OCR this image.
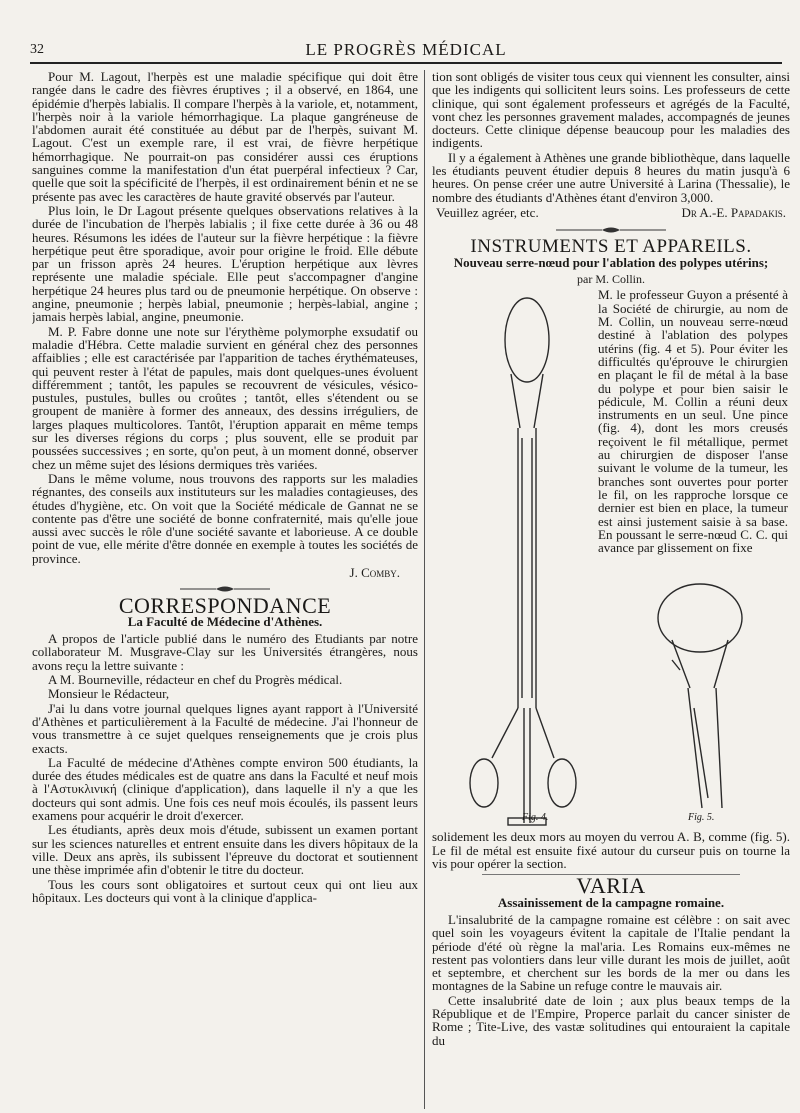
32	LE PROGRÈS MÉDICAL

Pour M. Lagout, l'herpès est une maladie spécifique qui doit être rangée dans le cadre des fièvres éruptives ; il a observé, en 1864, une épidémie d'herpès labialis. Il compare l'herpès à la variole, et, notamment, l'herpès noir à la variole hémorrhagique. La plaque gangréneuse de l'abdomen aurait été constituée au début par de l'herpès, suivant M. Lagout. C'est un exemple rare, il est vrai, de fièvre herpétique hémorrhagique. Ne pourrait-on pas considérer aussi ces éruptions sanguines comme la manifestation d'un état puerpéral infectieux ? Car, quelle que soit la spécificité de l'herpès, il est ordinairement bénin et ne se présente pas avec les caractères de haute gravité observés par l'auteur.

Plus loin, le Dr Lagout présente quelques observations relatives à la durée de l'incubation de l'herpès labialis ; il fixe cette durée à 36 ou 48 heures. Résumons les idées de l'auteur sur la fièvre herpétique : la fièvre herpétique peut être sporadique, avoir pour origine le froid. Elle débute par un frisson après 24 heures. L'éruption herpétique aux lèvres représente une maladie spéciale. Elle peut s'accompagner d'angine herpétique 24 heures plus tard ou de pneumonie herpétique. On observe : angine, pneumonie ; herpès labial, pneumonie ; herpès-labial, angine ; jamais herpès labial, angine, pneumonie.

M. P. Fabre donne une note sur l'érythème polymorphe exsudatif ou maladie d'Hébra. Cette maladie survient en général chez des personnes affaiblies ; elle est caractérisée par l'apparition de taches érythémateuses, qui peuvent rester à l'état de papules, mais dont quelques-unes évoluent différemment ; tantôt, les papules se recouvrent de vésicules, vésico-pustules, pustules, bulles ou croûtes ; tantôt, elles s'étendent ou se groupent de manière à former des anneaux, des dessins irréguliers, de larges plaques multicolores. Tantôt, l'éruption apparait en même temps sur les diverses régions du corps ; plus souvent, elle se produit par poussées successives ; en sorte, qu'on peut, à un moment donné, observer chez un même sujet des lésions dermiques très variées.

Dans le même volume, nous trouvons des rapports sur les maladies régnantes, des conseils aux instituteurs sur les maladies contagieuses, des études d'hygiène, etc. On voit que la Société médicale de Gannat ne se contente pas d'être une société de bonne confraternité, mais qu'elle joue aussi avec succès le rôle d'une société savante et laborieuse. A ce double point de vue, elle mérite d'être donnée en exemple à toutes les sociétés de province.

J. Comby.
CORRESPONDANCE
La Faculté de Médecine d'Athènes.

A propos de l'article publié dans le numéro des Etudiants par notre collaborateur M. Musgrave-Clay sur les Universités étrangères, nous avons reçu la lettre suivante :

A M. Bourneville, rédacteur en chef du Progrès médical.

Monsieur le Rédacteur,

J'ai lu dans votre journal quelques lignes ayant rapport à l'Université d'Athènes et particulièrement à la Faculté de médecine. J'ai l'honneur de vous transmettre à ce sujet quelques renseignements que je crois plus exacts.

La Faculté de médecine d'Athènes compte environ 500 étudiants, la durée des études médicales est de quatre ans dans la Faculté et neuf mois à l'Αστυκλινική (clinique d'application), dans laquelle il n'y a que les docteurs qui sont admis. Une fois ces neuf mois écoulés, ils passent leurs examens pour acquérir le droit d'exercer.

Les étudiants, après deux mois d'étude, subissent un examen portant sur les sciences naturelles et entrent ensuite dans les divers hôpitaux de la ville. Deux ans après, ils subissent l'épreuve du doctorat et soutiennent une thèse imprimée afin d'obtenir le titre du docteur.

Tous les cours sont obligatoires et surtout ceux qui ont lieu aux hôpitaux. Les docteurs qui vont à la clinique d'applica-

tion sont obligés de visiter tous ceux qui viennent les consulter, ainsi que les indigents qui sollicitent leurs soins. Les professeurs de cette clinique, qui sont également professeurs et agrégés de la Faculté, vont chez les personnes gravement malades, accompagnés de jeunes docteurs. Cette clinique dépense beaucoup pour les maladies des indigents.

Il y a également à Athènes une grande bibliothèque, dans laquelle les étudiants peuvent étudier depuis 8 heures du matin jusqu'à 6 heures. On pense créer une autre Université à Larina (Thessalie), le nombre des étudiants d'Athènes étant d'environ 3,000.

Veuillez agréer, etc.	Dr A.-E. Papadakis.
INSTRUMENTS ET APPAREILS.
Nouveau serre-nœud pour l'ablation des polypes utérins;
par M. Collin.
M. le professeur Guyon a présenté à la Société de chirurgie, au nom de M. Collin, un nouveau serre-nœud destiné à l'ablation des polypes utérins (fig. 4 et 5). Pour éviter les difficultés qu'éprouve le chirurgien en plaçant le fil de métal à la base du polype et pour bien saisir le pédicule, M. Collin a réuni deux instruments en un seul. Une pince (fig. 4), dont les mors creusés reçoivent le fil métallique, permet au chirurgien de disposer l'anse suivant le volume de la tumeur, les branches sont ouvertes pour porter le fil, on les rapproche lorsque ce dernier est bien en place, la tumeur est ainsi justement saisie à sa base. En poussant le serre-nœud C. C. qui avance par glissement on fixe
Fig. 4.	Fig. 5.

solidement les deux mors au moyen du verrou A. B, comme (fig. 5). Le fil de métal est ensuite fixé autour du curseur puis on tourne la vis pour opérer la section.

VARIA
Assainissement de la campagne romaine.

L'insalubrité de la campagne romaine est célèbre : on sait avec quel soin les voyageurs évitent la capitale de l'Italie pendant la période d'été où règne la mal'aria. Les Romains eux-mêmes ne restent pas volontiers dans leur ville durant les mois de juillet, août et septembre, et cherchent sur les bords de la mer ou dans les montagnes de la Sabine un refuge contre le mauvais air.

Cette insalubrité date de loin ; aux plus beaux temps de la République et de l'Empire, Properce parlait du cancer sinister de Rome ; Tite-Live, des vastæ solitudines qui entouraient la capitale du
